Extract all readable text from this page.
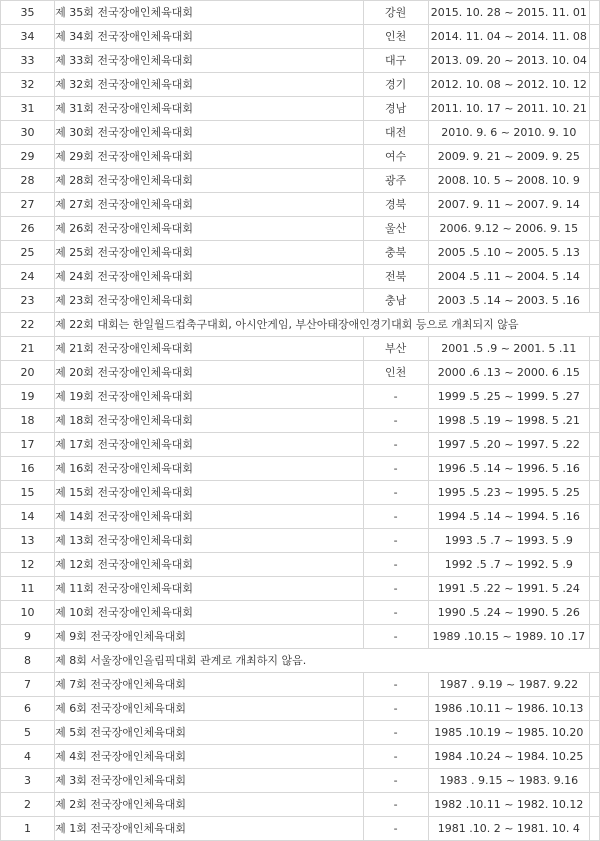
35	제 35회 전국장애인체육대회	강원	2015. 10. 28 ~ 2015. 11. 01	
34	제 34회 전국장애인체육대회	인천	2014. 11. 04 ~ 2014. 11. 08	
33	제 33회 전국장애인체육대회	대구	2013. 09. 20 ~ 2013. 10. 04	
32	제 32회 전국장애인체육대회	경기	2012. 10. 08 ~ 2012. 10. 12	
31	제 31회 전국장애인체육대회	경남	2011. 10. 17 ~ 2011. 10. 21	
30	제 30회 전국장애인체육대회	대전	2010. 9. 6 ~ 2010. 9. 10	
29	제 29회 전국장애인체육대회	여수	2009. 9. 21 ~ 2009. 9. 25	
28	제 28회 전국장애인체육대회	광주	2008. 10. 5 ~ 2008. 10. 9	
27	제 27회 전국장애인체육대회	경북	2007. 9. 11 ~ 2007. 9. 14	
26	제 26회 전국장애인체육대회	울산	2006. 9.12 ~ 2006. 9. 15	
25	제 25회 전국장애인체육대회	충북	2005 .5 .10 ~ 2005. 5 .13	
24	제 24회 전국장애인체육대회	전북	2004 .5 .11 ~ 2004. 5 .14	
23	제 23회 전국장애인체육대회	충남	2003 .5 .14 ~ 2003. 5 .16	
22	제 22회 대회는 한일월드컵축구대회, 아시안게임, 부산아태장애인경기대회 등으로 개최되지 않음			
21	제 21회 전국장애인체육대회	부산	2001 .5 .9 ~ 2001. 5 .11	
20	제 20회 전국장애인체육대회	인천	2000 .6 .13 ~ 2000. 6 .15	
19	제 19회 전국장애인체육대회	-	1999 .5 .25 ~ 1999. 5 .27	
18	제 18회 전국장애인체육대회	-	1998 .5 .19 ~ 1998. 5 .21	
17	제 17회 전국장애인체육대회	-	1997 .5 .20 ~ 1997. 5 .22	
16	제 16회 전국장애인체육대회	-	1996 .5 .14 ~ 1996. 5 .16	
15	제 15회 전국장애인체육대회	-	1995 .5 .23 ~ 1995. 5 .25	
14	제 14회 전국장애인체육대회	-	1994 .5 .14 ~ 1994. 5 .16	
13	제 13회 전국장애인체육대회	-	1993 .5 .7 ~ 1993. 5 .9	
12	제 12회 전국장애인체육대회	-	1992 .5 .7 ~ 1992. 5 .9	
11	제 11회 전국장애인체육대회	-	1991 .5 .22 ~ 1991. 5 .24	
10	제 10회 전국장애인체육대회	-	1990 .5 .24 ~ 1990. 5 .26	
9	제 9회 전국장애인체육대회	-	1989 .10.15 ~ 1989. 10 .17	
8	제 8회 서울장애인올림픽대회 관계로 개최하지 않음.			
7	제 7회 전국장애인체육대회	-	1987 . 9.19 ~ 1987. 9.22	
6	제 6회 전국장애인체육대회	-	1986 .10.11 ~ 1986. 10.13	
5	제 5회 전국장애인체육대회	-	1985 .10.19 ~ 1985. 10.20	
4	제 4회 전국장애인체육대회	-	1984 .10.24 ~ 1984. 10.25	
3	제 3회 전국장애인체육대회	-	1983 . 9.15 ~ 1983. 9.16	
2	제 2회 전국장애인체육대회	-	1982 .10.11 ~ 1982. 10.12	
1	제 1회 전국장애인체육대회	-	1981 .10. 2 ~ 1981. 10. 4	
